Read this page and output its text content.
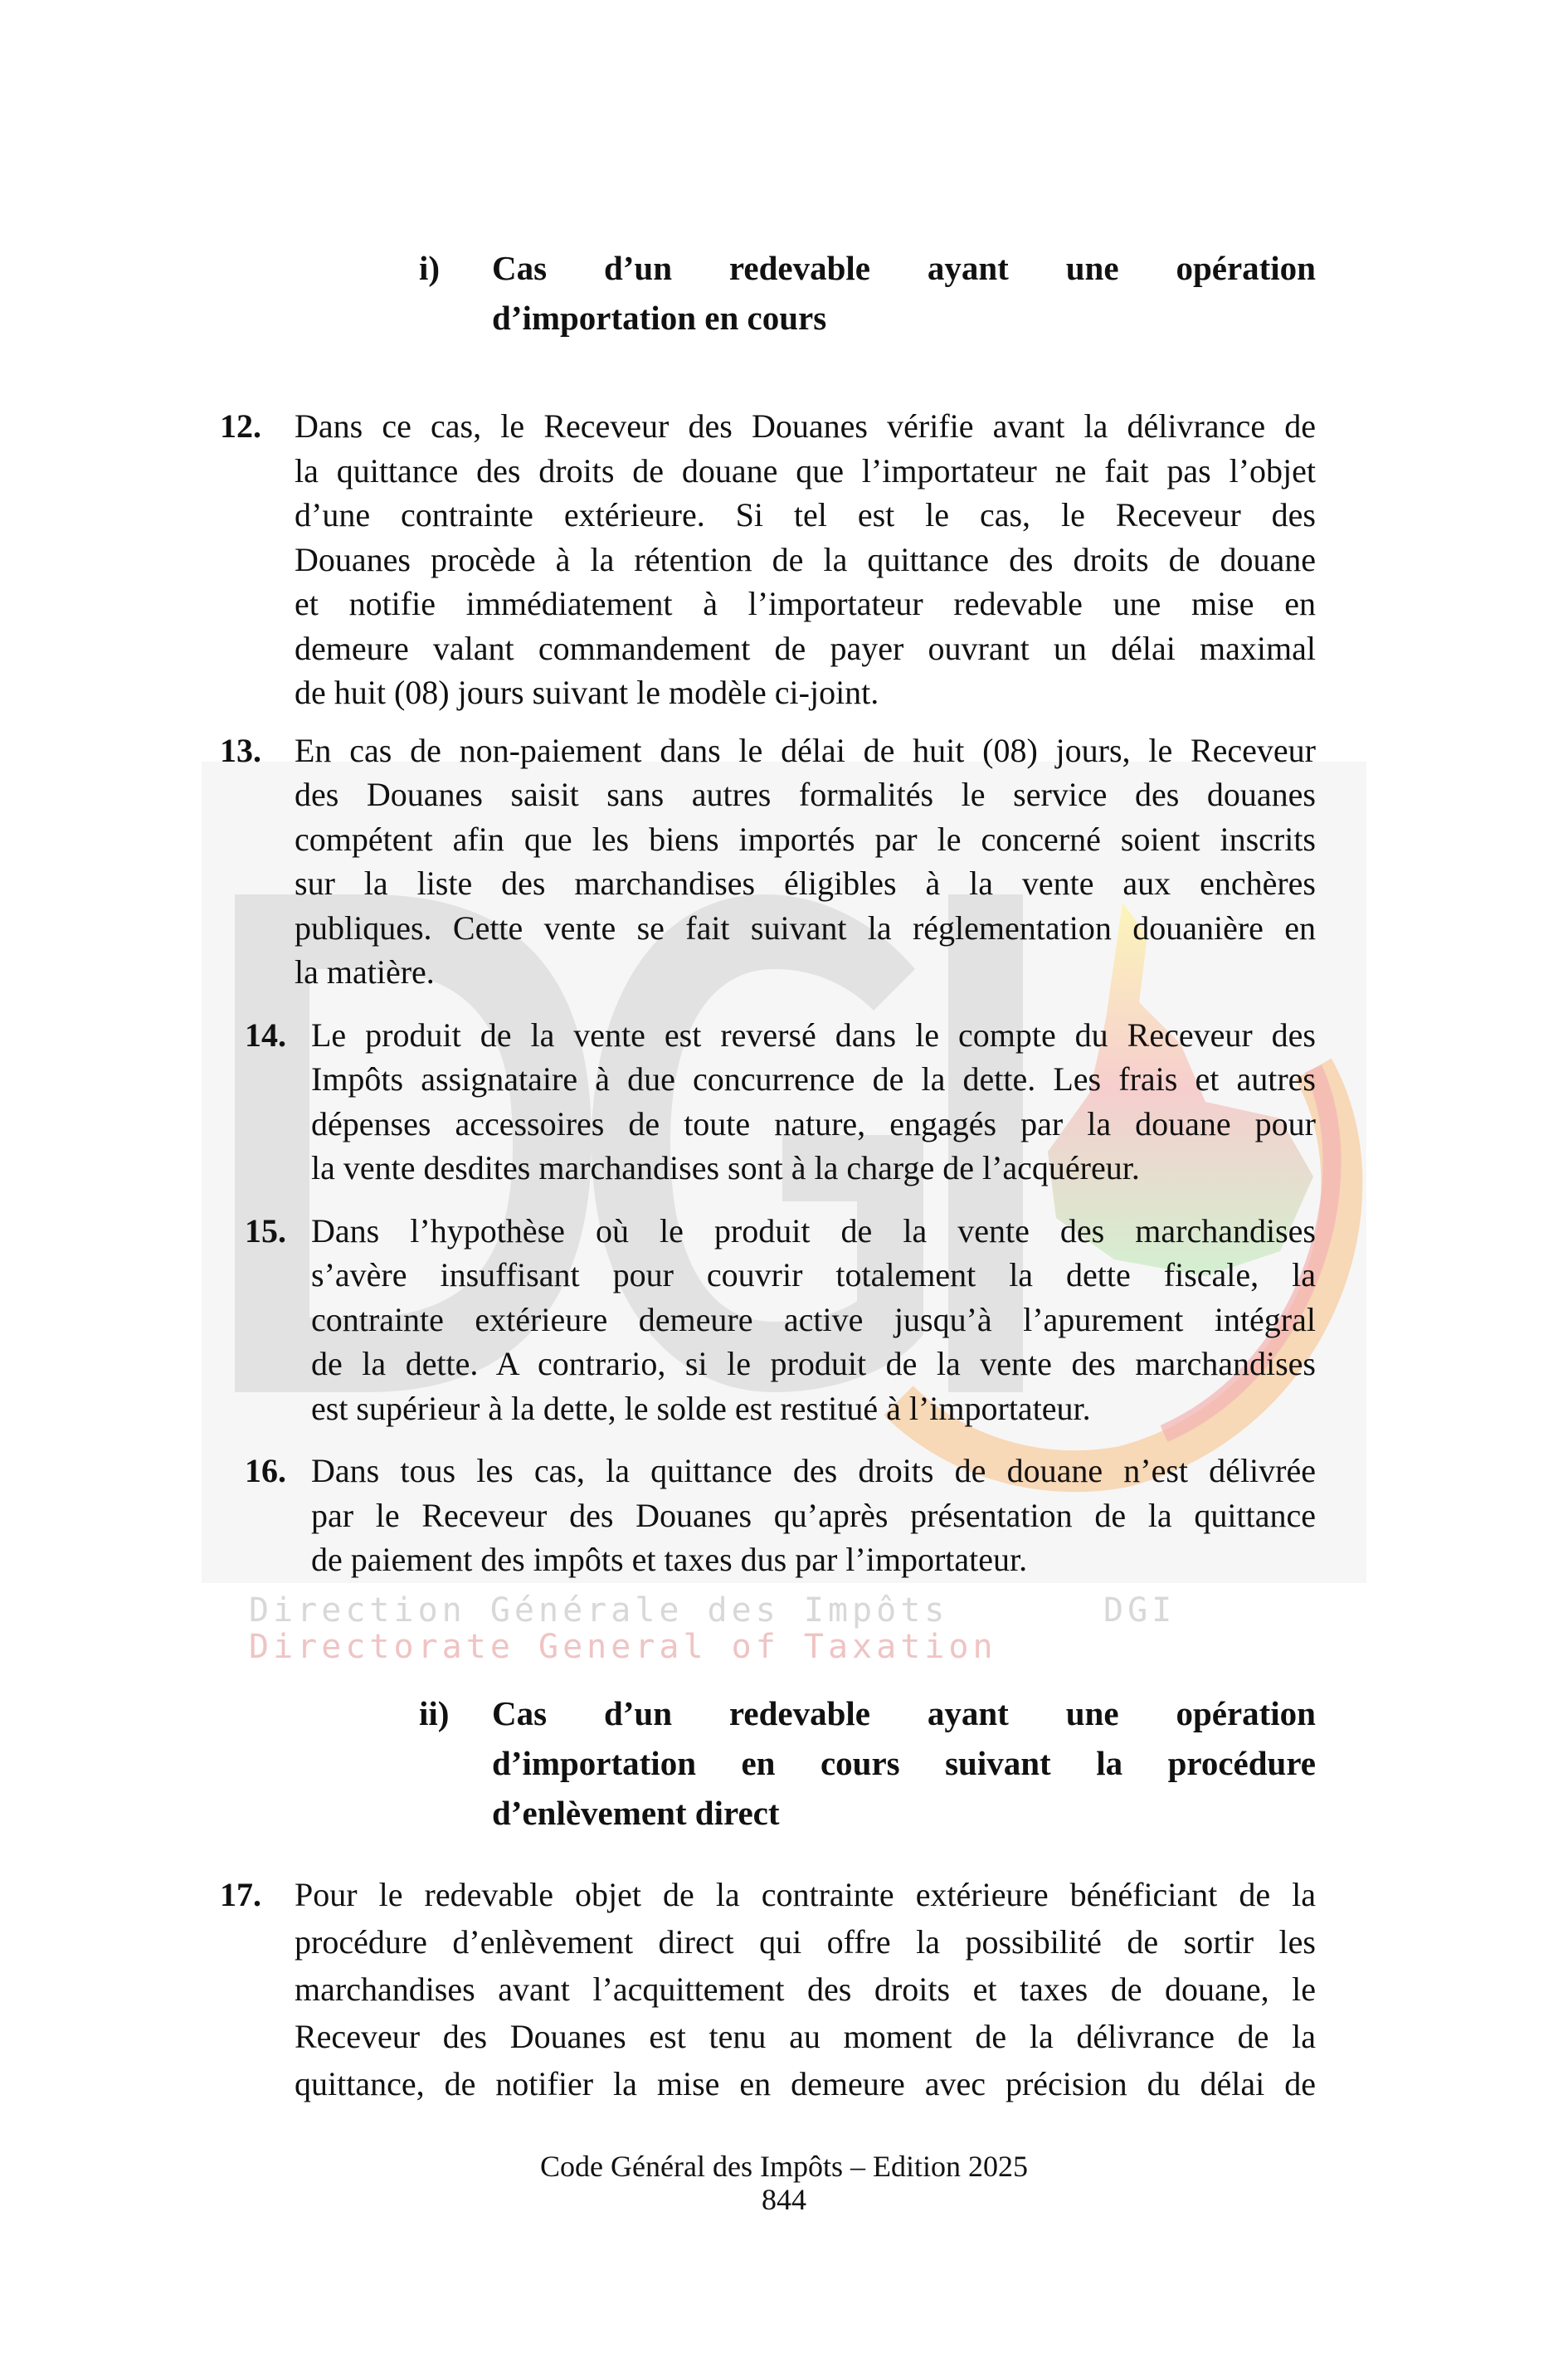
Direction Générale des Impôts
Directorate General of Taxation
DGI
i) Cas d’un redevable ayant une opération
d’importation en cours
12. Dans ce cas, le Receveur des Douanes vérifie avant la délivrance de
la quittance des droits de douane que l’importateur ne fait pas l’objet
d’une contrainte extérieure. Si tel est le cas, le Receveur des
Douanes procède à la rétention de la quittance des droits de douane
et notifie immédiatement à l’importateur redevable une mise en
demeure valant commandement de payer ouvrant un délai maximal
de huit (08) jours suivant le modèle ci-joint.
13. En cas de non-paiement dans le délai de huit (08) jours, le Receveur
des Douanes saisit sans autres formalités le service des douanes
compétent afin que les biens importés par le concerné soient inscrits
sur la liste des marchandises éligibles à la vente aux enchères
publiques. Cette vente se fait suivant la réglementation douanière en
la matière.
14. Le produit de la vente est reversé dans le compte du Receveur des
Impôts assignataire à due concurrence de la dette. Les frais et autres
dépenses accessoires de toute nature, engagés par la douane pour
la vente desdites marchandises sont à la charge de l’acquéreur.
15. Dans l’hypothèse où le produit de la vente des marchandises
s’avère insuffisant pour couvrir totalement la dette fiscale, la
contrainte extérieure demeure active jusqu’à l’apurement intégral
de la dette. A contrario, si le produit de la vente des marchandises
est supérieur à la dette, le solde est restitué à l’importateur.
16. Dans tous les cas, la quittance des droits de douane n’est délivrée
par le Receveur des Douanes qu’après présentation de la quittance
de paiement des impôts et taxes dus par l’importateur.
ii) Cas d’un redevable ayant une opération
d’importation en cours suivant la procédure
d’enlèvement direct
17. Pour le redevable objet de la contrainte extérieure bénéficiant de la
procédure d’enlèvement direct qui offre la possibilité de sortir les
marchandises avant l’acquittement des droits et taxes de douane, le
Receveur des Douanes est tenu au moment de la délivrance de la
quittance, de notifier la mise en demeure avec précision du délai de
Code Général des Impôts – Edition 2025
844
